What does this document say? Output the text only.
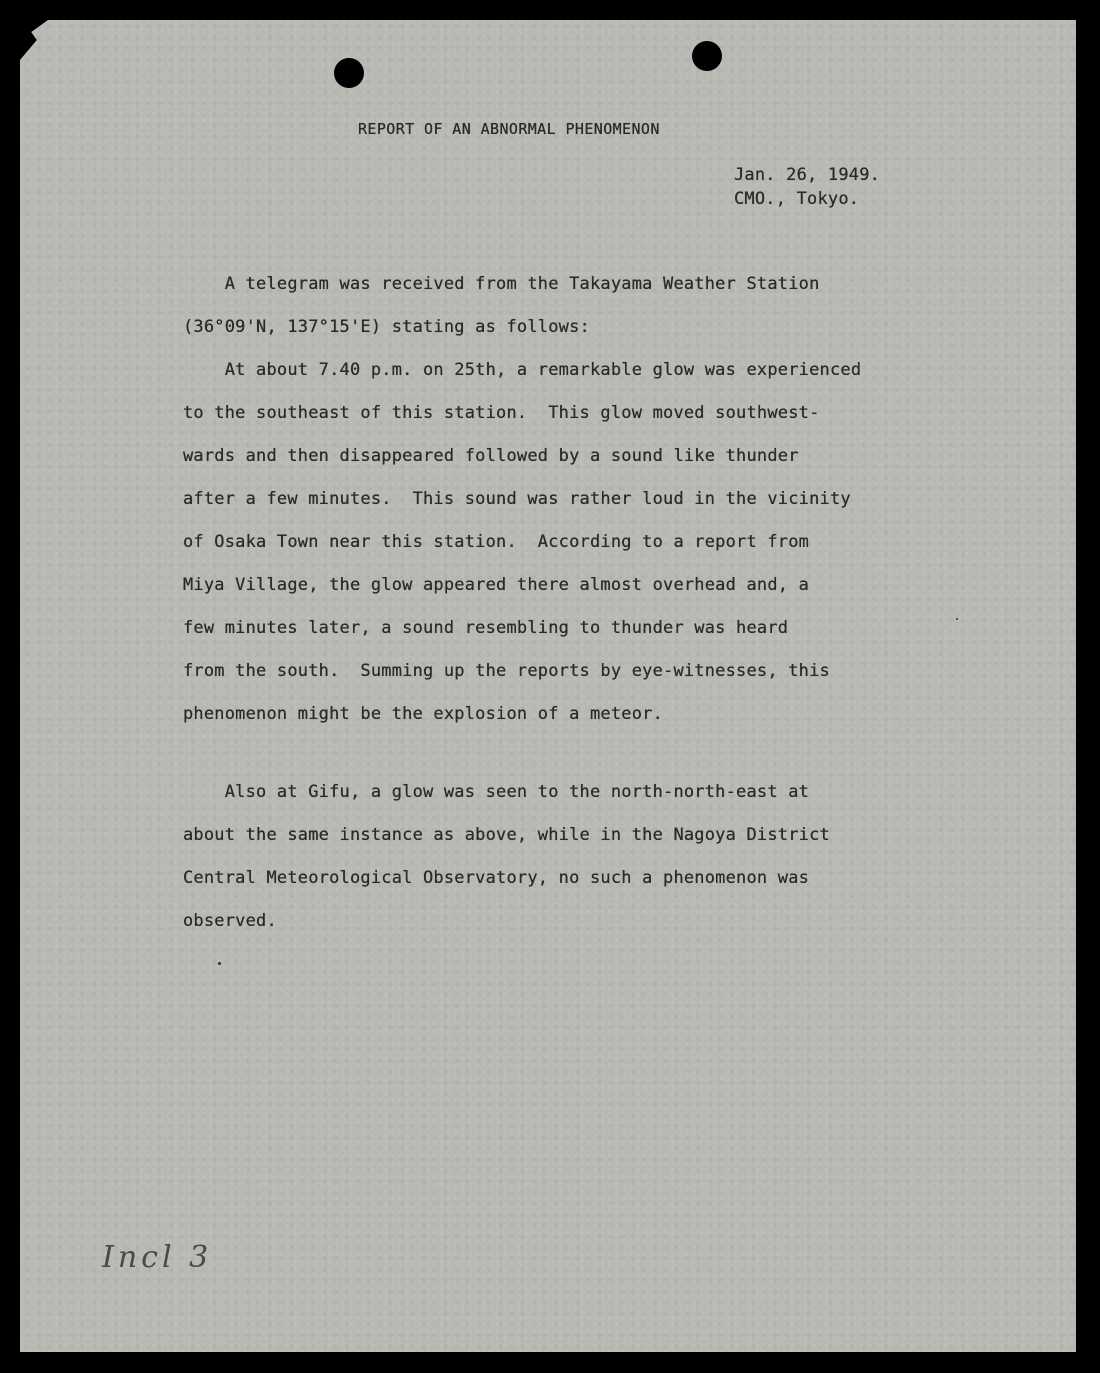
REPORT OF AN ABNORMAL PHENOMENON
Jan. 26, 1949.
CMO., Tokyo.

A telegram was received from the Takayama Weather Station
(36°09'N, 137°15'E) stating as follows:

At about 7.40 p.m. on 25th, a remarkable glow was experienced
to the southeast of this station.  This glow moved southwest-
wards and then disappeared followed by a sound like thunder
after a few minutes.  This sound was rather loud in the vicinity
of Osaka Town near this station.  According to a report from
Miya Village, the glow appeared there almost overhead and, a
few minutes later, a sound resembling to thunder was heard
from the south.  Summing up the reports by eye-witnesses, this
phenomenon might be the explosion of a meteor.

Also at Gifu, a glow was seen to the north-north-east at
about the same instance as above, while in the Nagoya District
Central Meteorological Observatory, no such a phenomenon was
observed.

Incl 3
